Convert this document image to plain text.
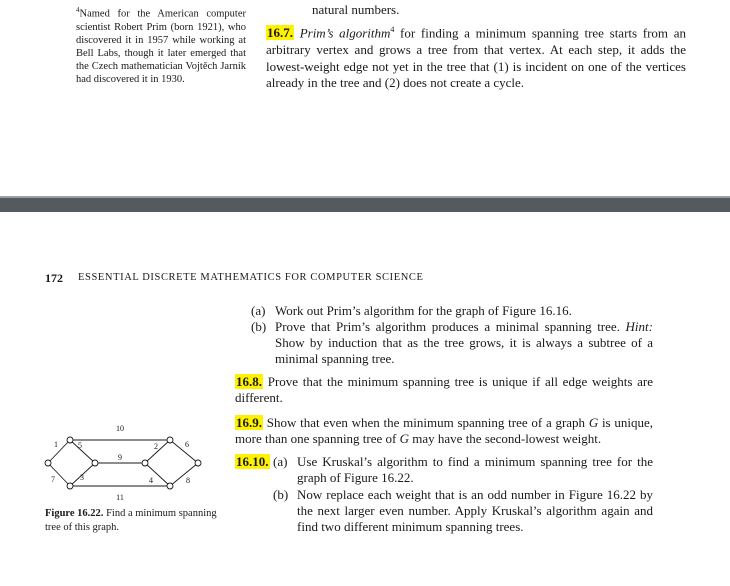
$^4$Named for the American computer scientist Robert Prim (born 1921), who discovered it in 1957 while working at Bell Labs, though it later emerged that the Czech mathematician Vojtěch Jarník had discovered it in 1930.
natural numbers.
16.7. Prim’s algorithm$^4$ for finding a minimum spanning tree starts from an arbitrary vertex and grows a tree from that vertex. At each step, it adds the lowest-weight edge not yet in the tree that (1) is incident on one of the vertices already in the tree and (2) does not create a cycle.
172 ESSENTIAL DISCRETE MATHEMATICS FOR COMPUTER SCIENCE
(a) Work out Prim’s algorithm for the graph of Figure 16.16.
(b) Prove that Prim’s algorithm produces a minimal spanning tree. Hint: Show by induction that as the tree grows, it is always a subtree of a minimal spanning tree.
16.8. Prove that the minimum spanning tree is unique if all edge weights are different.
16.9. Show that even when the minimum spanning tree of a graph G is unique, more than one spanning tree of G may have the second-lowest weight.
16.10. (a) Use Kruskal’s algorithm to find a minimum spanning tree for the graph of Figure 16.22.
(b) Now replace each weight that is an odd number in Figure 16.22 by the next larger even number. Apply Kruskal’s algorithm again and find two different minimum spanning trees.
10
1	5	2	6
9
7	3	4	8
11
Figure 16.22. Find a minimum spanning tree of this graph.
